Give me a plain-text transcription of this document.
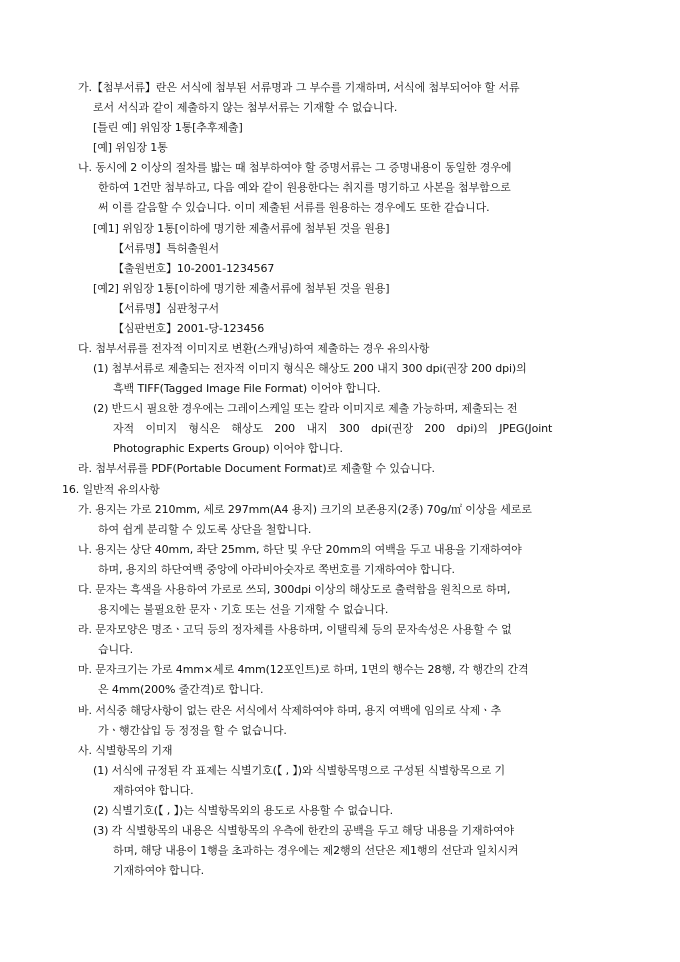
가.【첨부서류】란은 서식에 첨부된 서류명과 그 부수를 기재하며, 서식에 첨부되어야 할 서류
로서 서식과 같이 제출하지 않는 첨부서류는 기재할 수 없습니다.
[틀린 예] 위임장 1통[추후제출]
[예] 위임장 1통
나. 동시에 2 이상의 절차를 밟는 때 첨부하여야 할 증명서류는 그 증명내용이 동일한 경우에
한하여 1건만 첨부하고, 다음 예와 같이 원용한다는 취지를 명기하고 사본을 첨부함으로
써 이를 갈음할 수 있습니다. 이미 제출된 서류를 원용하는 경우에도 또한 같습니다.
[예1] 위임장 1통[이하에 명기한 제출서류에 첨부된 것을 원용]
【서류명】특허출원서
【출원번호】10-2001-1234567
[예2] 위임장 1통[이하에 명기한 제출서류에 첨부된 것을 원용]
【서류명】심판청구서
【심판번호】2001-당-123456
다. 첨부서류를 전자적 이미지로 변환(스캐닝)하여 제출하는 경우 유의사항
(1) 첨부서류로 제출되는 전자적 이미지 형식은 해상도 200 내지 300 dpi(권장 200 dpi)의
흑백 TIFF(Tagged Image File Format) 이어야 합니다.
(2) 반드시 필요한 경우에는 그레이스케일 또는 칼라 이미지로 제출 가능하며, 제출되는 전
자적 이미지 형식은 해상도 200 내지 300 dpi(권장 200 dpi)의 JPEG(Joint
Photographic Experts Group) 이어야 합니다.
라. 첨부서류를 PDF(Portable Document Format)로 제출할 수 있습니다.
16. 일반적 유의사항
가. 용지는 가로 210mm, 세로 297mm(A4 용지) 크기의 보존용지(2종) 70g/㎡ 이상을 세로로
하여 쉽게 분리할 수 있도록 상단을 철합니다.
나. 용지는 상단 40mm, 좌단 25mm, 하단 및 우단 20mm의 여백을 두고 내용을 기재하여야
하며, 용지의 하단여백 중앙에 아라비아숫자로 쪽번호를 기재하여야 합니다.
다. 문자는 흑색을 사용하여 가로로 쓰되, 300dpi 이상의 해상도로 출력함을 원칙으로 하며,
용지에는 불필요한 문자ㆍ기호 또는 선을 기재할 수 없습니다.
라. 문자모양은 명조ㆍ고딕 등의 정자체를 사용하며, 이탤릭체 등의 문자속성은 사용할 수 없
습니다.
마. 문자크기는 가로 4mm×세로 4mm(12포인트)로 하며, 1면의 행수는 28행, 각 행간의 간격
은 4mm(200% 줄간격)로 합니다.
바. 서식중 해당사항이 없는 란은 서식에서 삭제하여야 하며, 용지 여백에 임의로 삭제ㆍ추
가ㆍ행간삽입 등 정정을 할 수 없습니다.
사. 식별항목의 기재
(1) 서식에 규정된 각 표제는 식별기호(【 , 】)와 식별항목명으로 구성된 식별항목으로 기
재하여야 합니다.
(2) 식별기호(【 , 】)는 식별항목외의 용도로 사용할 수 없습니다.
(3) 각 식별항목의 내용은 식별항목의 우측에 한칸의 공백을 두고 해당 내용을 기재하여야
하며, 해당 내용이 1행을 초과하는 경우에는 제2행의 선단은 제1행의 선단과 일치시켜
기재하여야 합니다.
